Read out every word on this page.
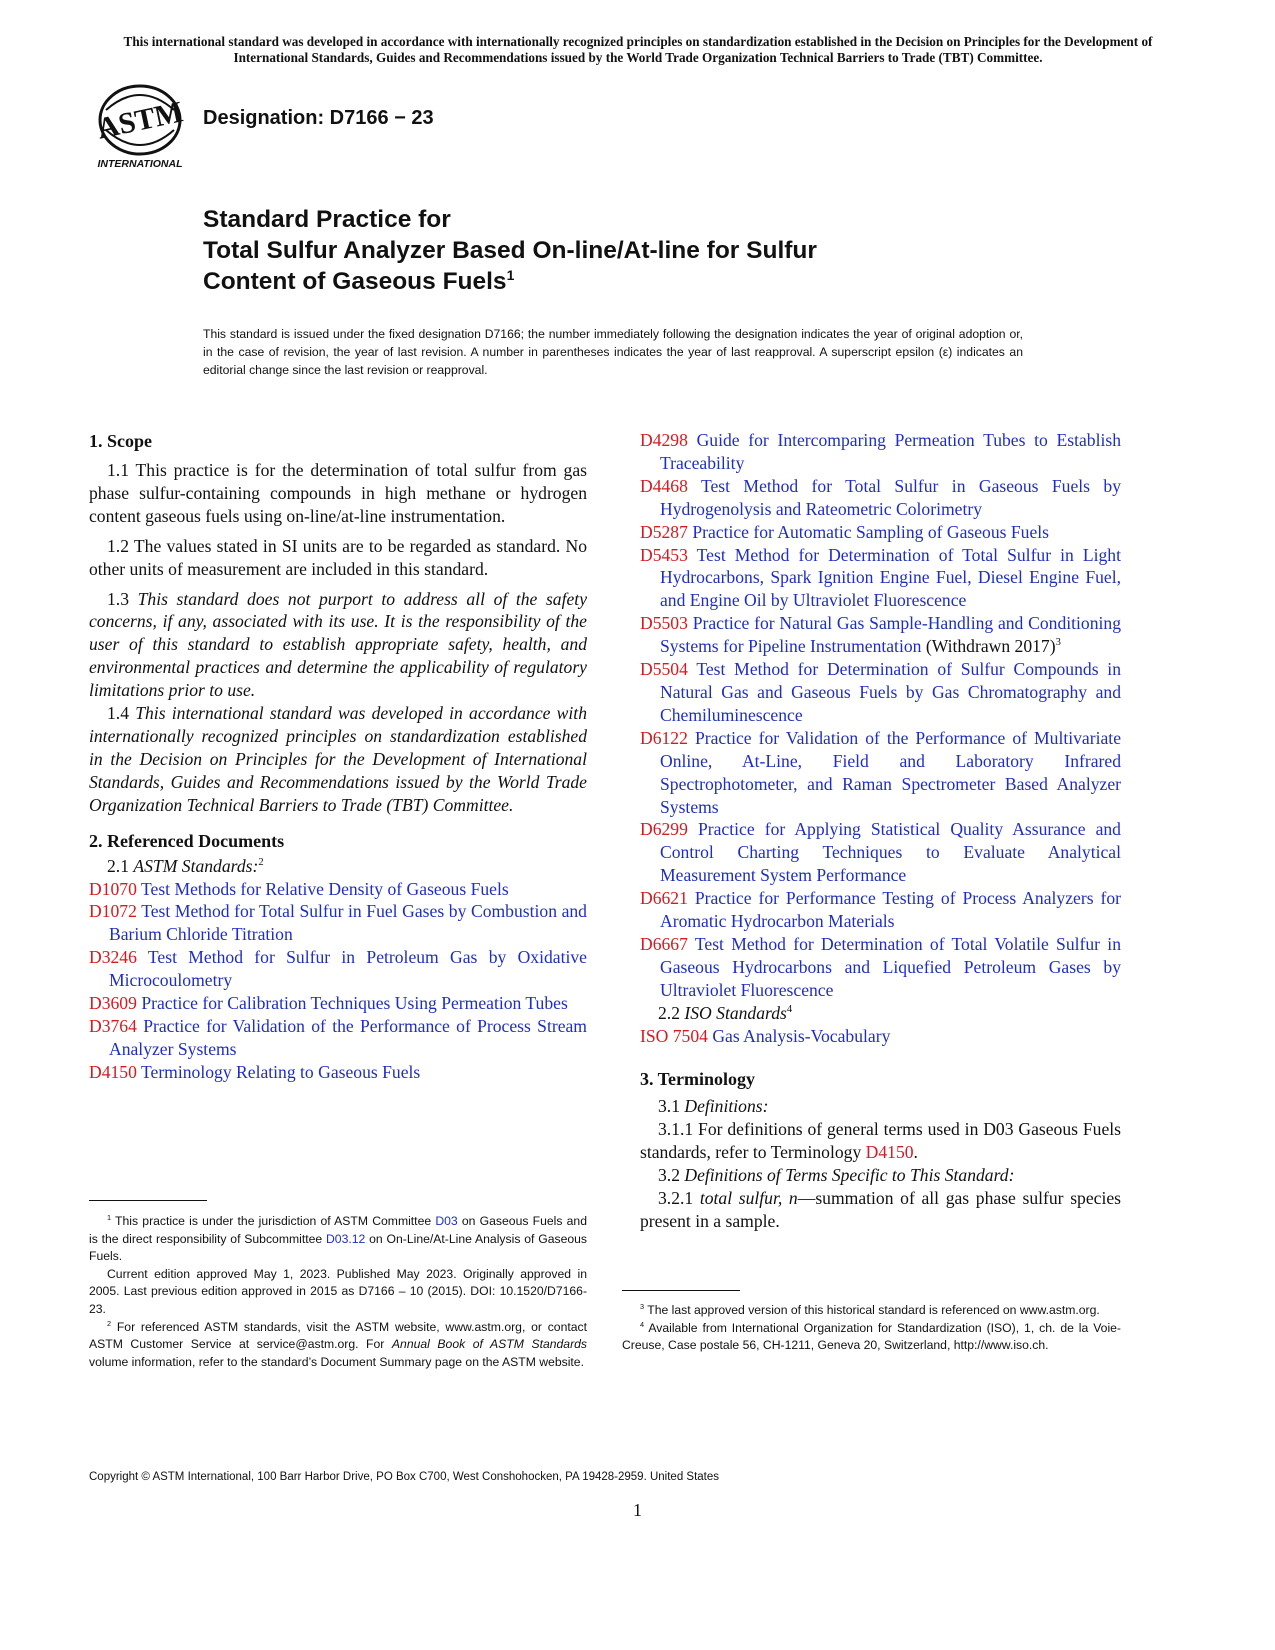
This international standard was developed in accordance with internationally recognized principles on standardization established in the Decision on Principles for the Development of International Standards, Guides and Recommendations issued by the World Trade Organization Technical Barriers to Trade (TBT) Committee.
ASTM
INTERNATIONAL
Designation: D7166 − 23
Standard Practice for
Total Sulfur Analyzer Based On-line/At-line for Sulfur
Content of Gaseous Fuels$^1$
This standard is issued under the fixed designation D7166; the number immediately following the designation indicates the year of original adoption or, in the case of revision, the year of last revision. A number in parentheses indicates the year of last reapproval. A superscript epsilon (ε) indicates an editorial change since the last revision or reapproval.
1. Scope

1.1 This practice is for the determination of total sulfur from gas phase sulfur-containing compounds in high methane or hydrogen content gaseous fuels using on-line/at-line instrumentation.

1.2 The values stated in SI units are to be regarded as standard. No other units of measurement are included in this standard.

1.3 This standard does not purport to address all of the safety concerns, if any, associated with its use. It is the responsibility of the user of this standard to establish appropriate safety, health, and environmental practices and determine the applicability of regulatory limitations prior to use.

1.4 This international standard was developed in accordance with internationally recognized principles on standardization established in the Decision on Principles for the Development of International Standards, Guides and Recommendations issued by the World Trade Organization Technical Barriers to Trade (TBT) Committee.

2. Referenced Documents

2.1 ASTM Standards:$^2$

D1070 Test Methods for Relative Density of Gaseous Fuels

D1072 Test Method for Total Sulfur in Fuel Gases by Combustion and Barium Chloride Titration

D3246 Test Method for Sulfur in Petroleum Gas by Oxidative Microcoulometry

D3609 Practice for Calibration Techniques Using Permeation Tubes

D3764 Practice for Validation of the Performance of Process Stream Analyzer Systems

D4150 Terminology Relating to Gaseous Fuels

D4298 Guide for Intercomparing Permeation Tubes to Establish Traceability

D4468 Test Method for Total Sulfur in Gaseous Fuels by Hydrogenolysis and Rateometric Colorimetry

D5287 Practice for Automatic Sampling of Gaseous Fuels

D5453 Test Method for Determination of Total Sulfur in Light Hydrocarbons, Spark Ignition Engine Fuel, Diesel Engine Fuel, and Engine Oil by Ultraviolet Fluorescence

D5503 Practice for Natural Gas Sample-Handling and Conditioning Systems for Pipeline Instrumentation (Withdrawn 2017)$^3$

D5504 Test Method for Determination of Sulfur Compounds in Natural Gas and Gaseous Fuels by Gas Chromatography and Chemiluminescence

D6122 Practice for Validation of the Performance of Multivariate Online, At-Line, Field and Laboratory Infrared Spectrophotometer, and Raman Spectrometer Based Analyzer Systems

D6299 Practice for Applying Statistical Quality Assurance and Control Charting Techniques to Evaluate Analytical Measurement System Performance

D6621 Practice for Performance Testing of Process Analyzers for Aromatic Hydrocarbon Materials

D6667 Test Method for Determination of Total Volatile Sulfur in Gaseous Hydrocarbons and Liquefied Petroleum Gases by Ultraviolet Fluorescence

2.2 ISO Standards$^4$

ISO 7504 Gas Analysis-Vocabulary

3. Terminology

3.1 Definitions:

3.1.1 For definitions of general terms used in D03 Gaseous Fuels standards, refer to Terminology D4150.

3.2 Definitions of Terms Specific to This Standard:

3.2.1 total sulfur, n—summation of all gas phase sulfur species present in a sample.

$^1$ This practice is under the jurisdiction of ASTM Committee D03 on Gaseous Fuels and is the direct responsibility of Subcommittee D03.12 on On-Line/At-Line Analysis of Gaseous Fuels.

Current edition approved May 1, 2023. Published May 2023. Originally approved in 2005. Last previous edition approved in 2015 as D7166 – 10 (2015). DOI: 10.1520/D7166-23.

$^2$ For referenced ASTM standards, visit the ASTM website, www.astm.org, or contact ASTM Customer Service at service@astm.org. For Annual Book of ASTM Standards volume information, refer to the standard’s Document Summary page on the ASTM website.

$^3$ The last approved version of this historical standard is referenced on www.astm.org.

$^4$ Available from International Organization for Standardization (ISO), 1, ch. de la Voie-Creuse, Case postale 56, CH-1211, Geneva 20, Switzerland, http://www.iso.ch.

Copyright © ASTM International, 100 Barr Harbor Drive, PO Box C700, West Conshohocken, PA 19428-2959. United States
1
